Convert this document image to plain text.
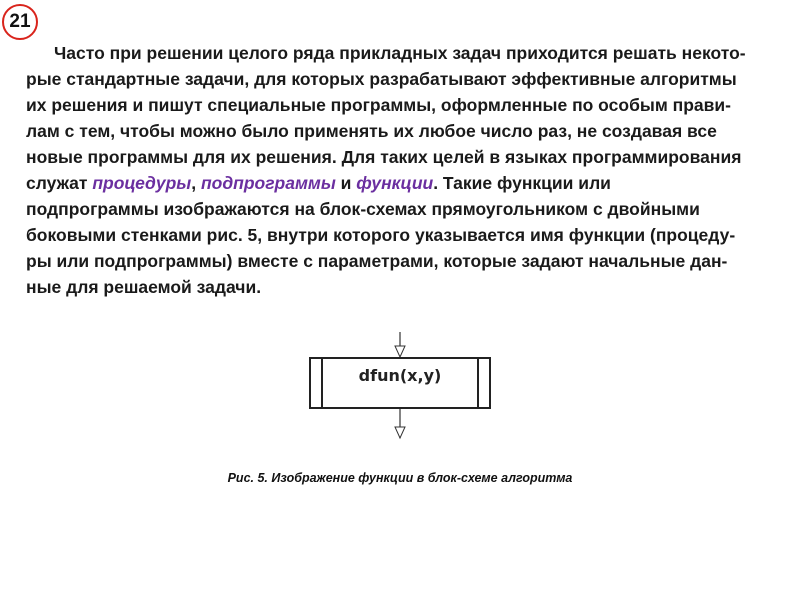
21
Часто при решении целого ряда прикладных задач приходится решать некото-
рые стандартные задачи, для которых разрабатывают эффективные алгоритмы
их решения и пишут специальные программы, оформленные по особым прави-
лам с тем, чтобы можно было применять их любое число раз, не создавая все
новые программы для их решения. Для таких целей в языках программирования
служат процедуры, подпрограммы и функции. Такие функции или
подпрограммы изображаются на блок-схемах прямоугольником с двойными
боковыми стенками рис. 5, внутри которого указывается имя функции (процеду-
ры или подпрограммы) вместе с параметрами, которые задают начальные дан-
ные для решаемой задачи.
dfun(x,y)
Рис. 5. Изображение функции в блок-схеме алгоритма
